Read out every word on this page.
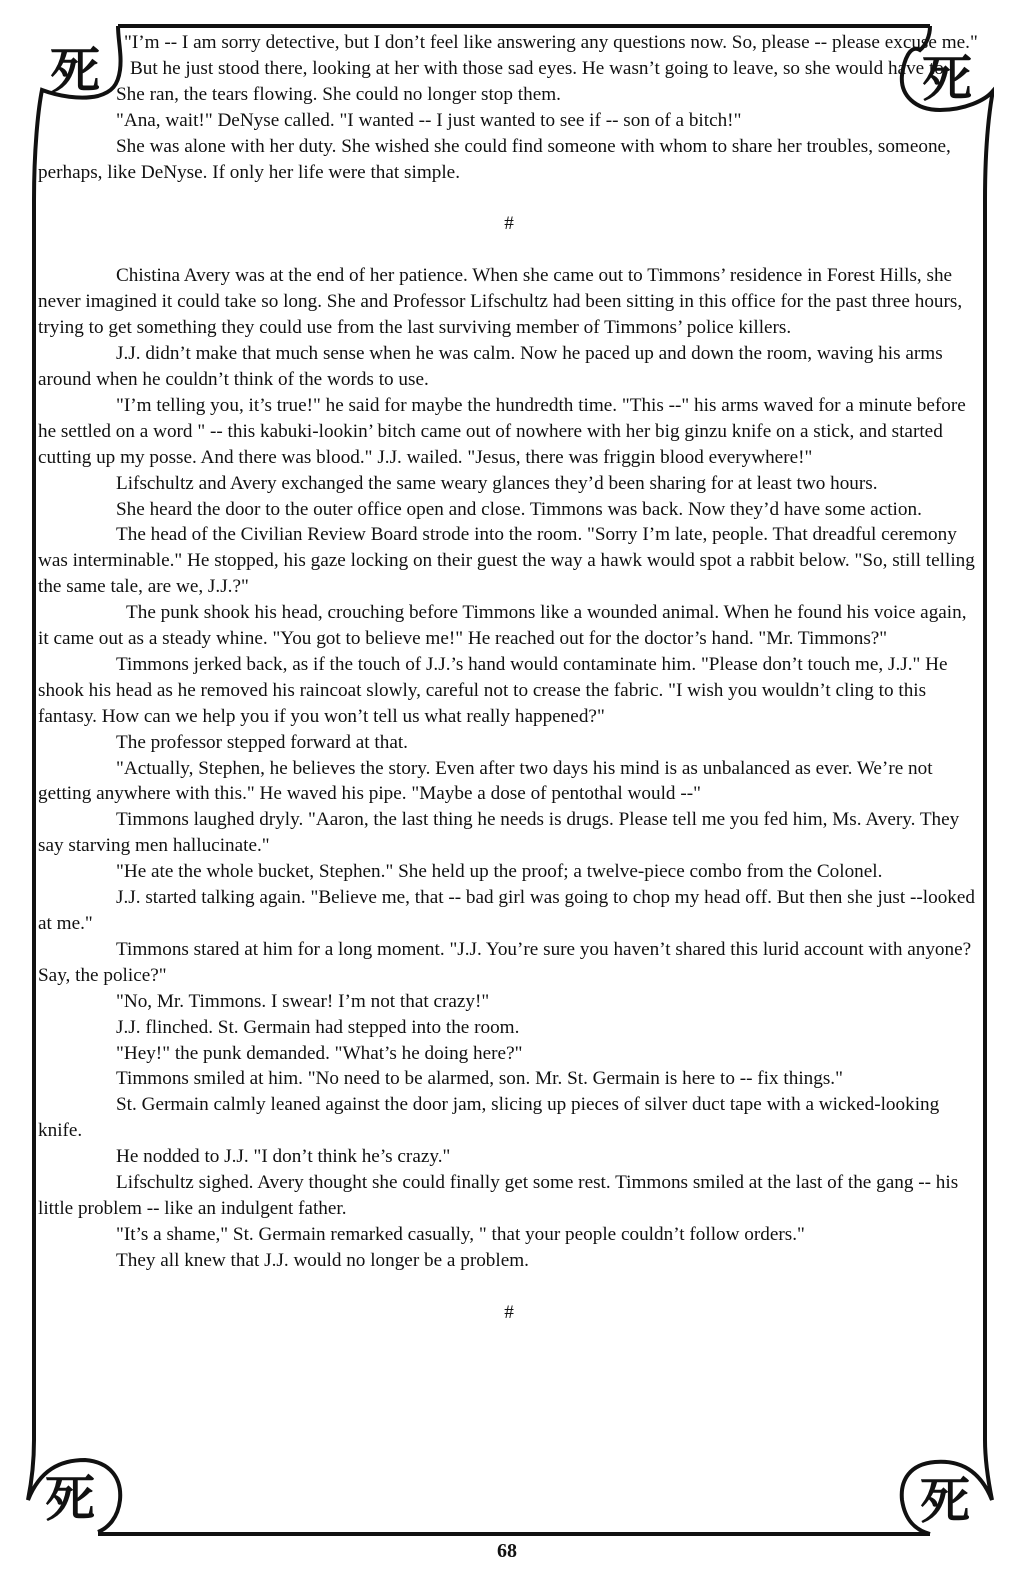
死	死
死	死

"I’m -- I am sorry detective, but I don’t feel like answering any questions now. So, please -- please excuse me."

But he just stood there, looking at her with those sad eyes. He wasn’t going to leave, so she would have to.

She ran, the tears flowing. She could no longer stop them.

"Ana, wait!" DeNyse called. "I wanted -- I just wanted to see if -- son of a bitch!"

She was alone with her duty. She wished she could find someone with whom to share her troubles, someone, perhaps, like DeNyse. If only her life were that simple.

#

Chistina Avery was at the end of her patience. When she came out to Timmons’ residence in Forest Hills, she never imagined it could take so long. She and Professor Lifschultz had been sitting in this office for the past three hours, trying to get something they could use from the last surviving member of Timmons’ police killers.

J.J. didn’t make that much sense when he was calm. Now he paced up and down the room, waving his arms around when he couldn’t think of the words to use.

"I’m telling you, it’s true!" he said for maybe the hundredth time. "This --" his arms waved for a minute before he settled on a word " -- this kabuki-lookin’ bitch came out of nowhere with her big ginzu knife on a stick, and started cutting up my posse. And there was blood." J.J. wailed. "Jesus, there was friggin blood everywhere!"

Lifschultz and Avery exchanged the same weary glances they’d been sharing for at least two hours.

She heard the door to the outer office open and close. Timmons was back. Now they’d have some action.

The head of the Civilian Review Board strode into the room. "Sorry I’m late, people. That dreadful ceremony was interminable." He stopped, his gaze locking on their guest the way a hawk would spot a rabbit below. "So, still telling the same tale, are we, J.J.?"

The punk shook his head, crouching before Timmons like a wounded animal. When he found his voice again, it came out as a steady whine. "You got to believe me!" He reached out for the doctor’s hand. "Mr. Timmons?"

Timmons jerked back, as if the touch of J.J.’s hand would contaminate him. "Please don’t touch me, J.J." He shook his head as he removed his raincoat slowly, careful not to crease the fabric. "I wish you wouldn’t cling to this fantasy. How can we help you if you won’t tell us what really happened?"

The professor stepped forward at that.

"Actually, Stephen, he believes the story. Even after two days his mind is as unbalanced as ever. We’re not getting anywhere with this." He waved his pipe. "Maybe a dose of pentothal would --"

Timmons laughed dryly. "Aaron, the last thing he needs is drugs. Please tell me you fed him, Ms. Avery. They say starving men hallucinate."

"He ate the whole bucket, Stephen." She held up the proof; a twelve-piece combo from the Colonel.

J.J. started talking again. "Believe me, that -- bad girl was going to chop my head off. But then she just --looked at me."

Timmons stared at him for a long moment. "J.J. You’re sure you haven’t shared this lurid account with anyone? Say, the police?"

"No, Mr. Timmons. I swear! I’m not that crazy!"

J.J. flinched. St. Germain had stepped into the room.

"Hey!" the punk demanded. "What’s he doing here?"

Timmons smiled at him. "No need to be alarmed, son. Mr. St. Germain is here to -- fix things."

St. Germain calmly leaned against the door jam, slicing up pieces of silver duct tape with a wicked-looking knife.

He nodded to J.J. "I don’t think he’s crazy."

Lifschultz sighed. Avery thought she could finally get some rest. Timmons smiled at the last of the gang -- his little problem -- like an indulgent father.

"It’s a shame," St. Germain remarked casually, " that your people couldn’t follow orders."

They all knew that J.J. would no longer be a problem.

#

68
